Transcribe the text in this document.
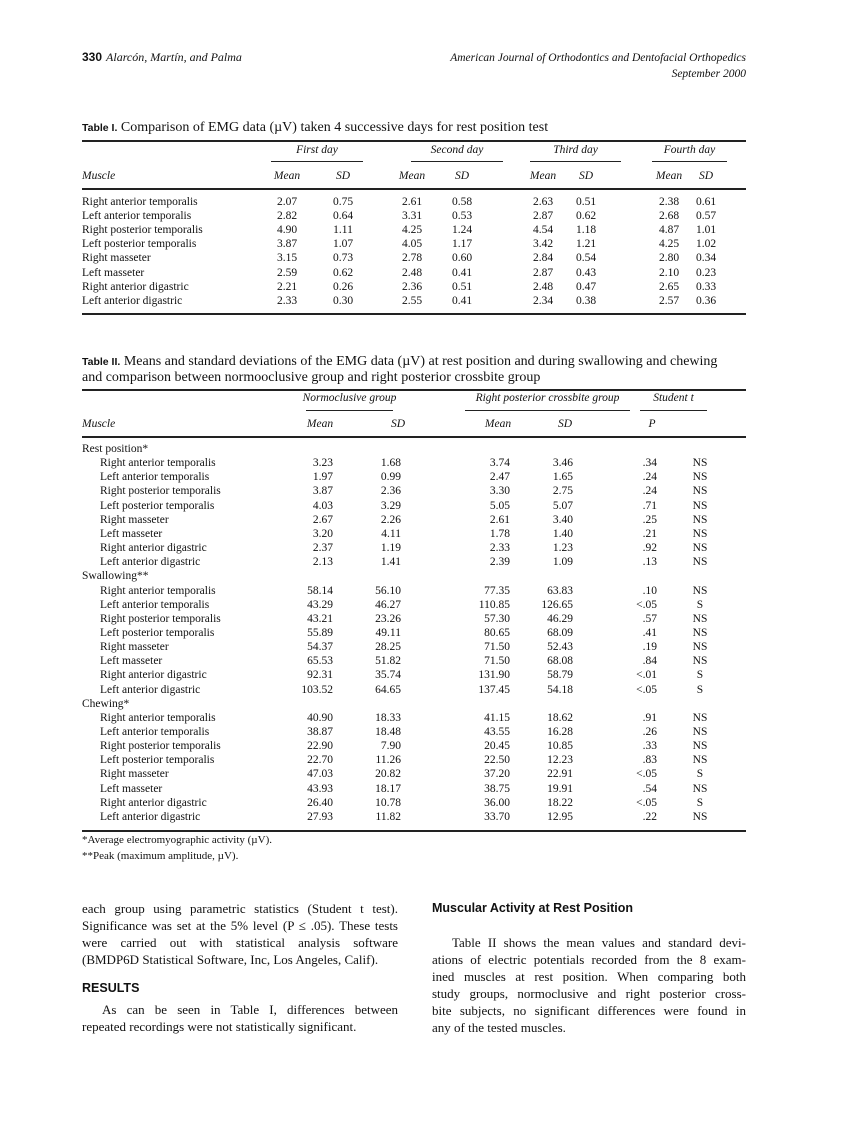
330 Alarcón, Martín, and Palma	American Journal of Orthodontics and Dentofacial Orthopedics
September 2000
Table I. Comparison of EMG data (µV) taken 4 successive days for rest position test
First day	Second day	Third day	Fourth day
Muscle	Mean	SD	Mean	SD	Mean SD	Mean SD
Right anterior temporalis	2.07	0.75	2.61	0.58	2.63 0.51	2.38 0.61
Left anterior temporalis	2.82	0.64	3.31	0.53	2.87 0.62	2.68 0.57
Right posterior temporalis	4.90	1.11	4.25	1.24	4.54 1.18	4.87 1.01
Left posterior temporalis	3.87	1.07	4.05	1.17	3.42 1.21	4.25 1.02
Right masseter	3.15	0.73	2.78	0.60	2.84 0.54	2.80 0.34
Left masseter	2.59	0.62	2.48	0.41	2.87 0.43	2.10 0.23
Right anterior digastric	2.21	0.26	2.36	0.51	2.48 0.47	2.65 0.33
Left anterior digastric	2.33	0.30	2.55	0.41	2.34 0.38	2.57 0.36
Table II. Means and standard deviations of the EMG data (µV) at rest position and during swallowing and chewing
and comparison between normooclusive group and right posterior crossbite group
Normoclusive group	Right posterior crossbite group	Student t
Muscle	Mean	SD	Mean	SD	P
Rest position*
Right anterior temporalis	3.23	1.68	3.74	3.46	.34	NS
Left anterior temporalis	1.97	0.99	2.47	1.65	.24	NS
Right posterior temporalis	3.87	2.36	3.30	2.75	.24	NS
Left posterior temporalis	4.03	3.29	5.05	5.07	.71	NS
Right masseter	2.67	2.26	2.61	3.40	.25	NS
Left masseter	3.20	4.11	1.78	1.40	.21	NS
Right anterior digastric	2.37	1.19	2.33	1.23	.92	NS
Left anterior digastric	2.13	1.41	2.39	1.09	.13	NS
Swallowing**
Right anterior temporalis	58.14	56.10	77.35	63.83	.10	NS
Left anterior temporalis	43.29	46.27	110.85	126.65	<.05	S
Right posterior temporalis	43.21	23.26	57.30	46.29	.57	NS
Left posterior temporalis	55.89	49.11	80.65	68.09	.41	NS
Right masseter	54.37	28.25	71.50	52.43	.19	NS
Left masseter	65.53	51.82	71.50	68.08	.84	NS
Right anterior digastric	92.31	35.74	131.90	58.79	<.01	S
Left anterior digastric	103.52	64.65	137.45	54.18	<.05	S
Chewing*
Right anterior temporalis	40.90	18.33	41.15	18.62	.91	NS
Left anterior temporalis	38.87	18.48	43.55	16.28	.26	NS
Right posterior temporalis	22.90	7.90	20.45	10.85	.33	NS
Left posterior temporalis	22.70	11.26	22.50	12.23	.83	NS
Right masseter	47.03	20.82	37.20	22.91	<.05	S
Left masseter	43.93	18.17	38.75	19.91	.54	NS
Right anterior digastric	26.40	10.78	36.00	18.22	<.05	S
Left anterior digastric	27.93	11.82	33.70	12.95	.22	NS
*Average electromyographic activity (µV).
**Peak (maximum amplitude, µV).
each group using parametric statistics (Student t test).
Significance was set at the 5% level (P ≤ .05). These tests
were carried out with statistical analysis software
(BMDP6D Statistical Software, Inc, Los Angeles, Calif).
RESULTS
As can be seen in Table I, differences between
repeated recordings were not statistically significant.
Muscular Activity at Rest Position
Table II shows the mean values and standard devi-
ations of electric potentials recorded from the 8 exam-
ined muscles at rest position. When comparing both
study groups, normoclusive and right posterior cross-
bite subjects, no significant differences were found in
any of the tested muscles.
